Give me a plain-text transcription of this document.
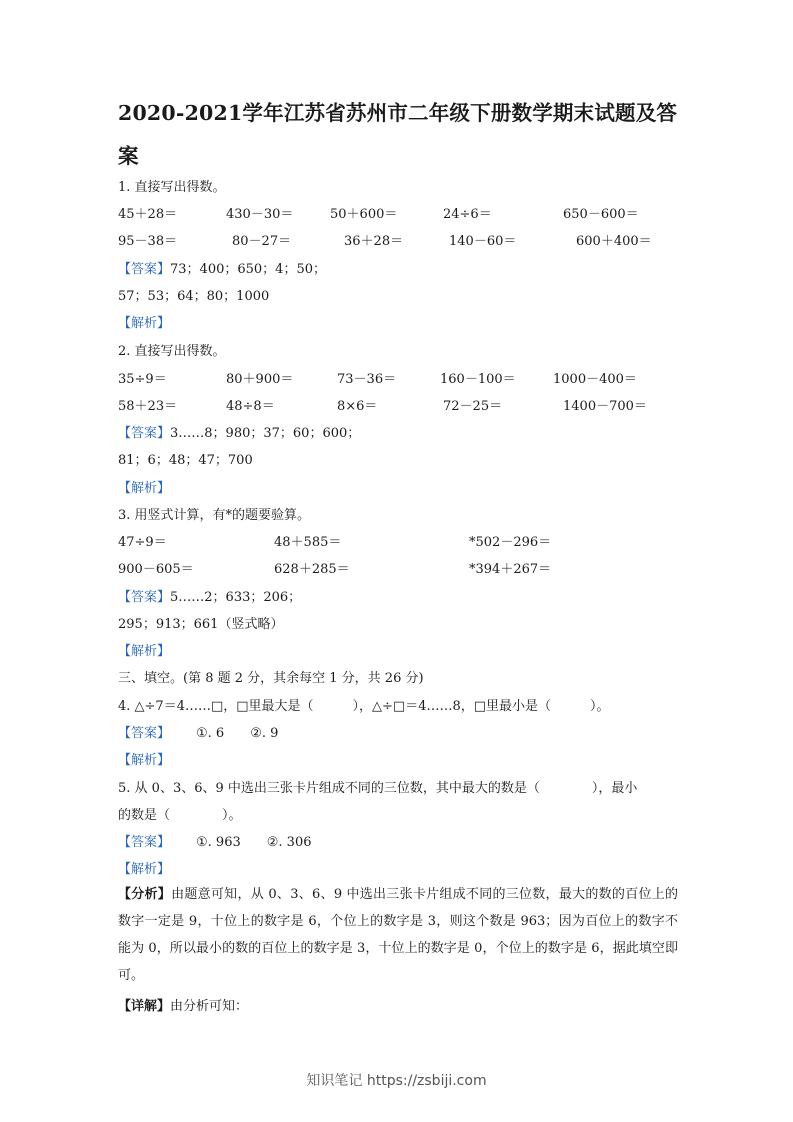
2020-2021学年江苏省苏州市二年级下册数学期末试题及答案
1. 直接写出得数。
45＋28＝	430－30＝	50＋600＝	24÷6＝	650－600＝
95－38＝	80－27＝	36＋28＝	140－60＝	600＋400＝
【答案】73；400；650；4；50；
57；53；64；80；1000
【解析】
2. 直接写出得数。
35÷9＝	80＋900＝	73－36＝	160－100＝	1000－400＝
58＋23＝	48÷8＝	8×6＝	72－25＝	1400－700＝
【答案】3……8；980；37；60；600；
81；6；48；47；700
【解析】
3. 用竖式计算，有*的题要验算。
47÷9＝	48＋585＝	*502－296＝
900－605＝	628＋285＝	*394＋267＝
【答案】5……2；633；206；
295；913；661（竖式略）
【解析】
三、填空。(第 8 题 2 分，其余每空 1 分，共 26 分)
4. △÷7＝4……□，□里最大是（　　　），△÷□＝4……8，□里最小是（　　　）。
【答案】 ①. 6　　②. 9
【解析】
5. 从 0、3、6、9 中选出三张卡片组成不同的三位数，其中最大的数是（　　　　），最小
的数是（　　　　）。
【答案】 ①. 963　　②. 306
【解析】
【分析】由题意可知，从 0、3、6、9 中选出三张卡片组成不同的三位数，最大的数的百位上的数字一定是 9，十位上的数字是 6，个位上的数字是 3，则这个数是 963；因为百位上的数字不能为 0，所以最小的数的百位上的数字是 3，十位上的数字是 0，个位上的数字是 6，据此填空即可。
【详解】由分析可知：
知识笔记 https://zsbiji.com
